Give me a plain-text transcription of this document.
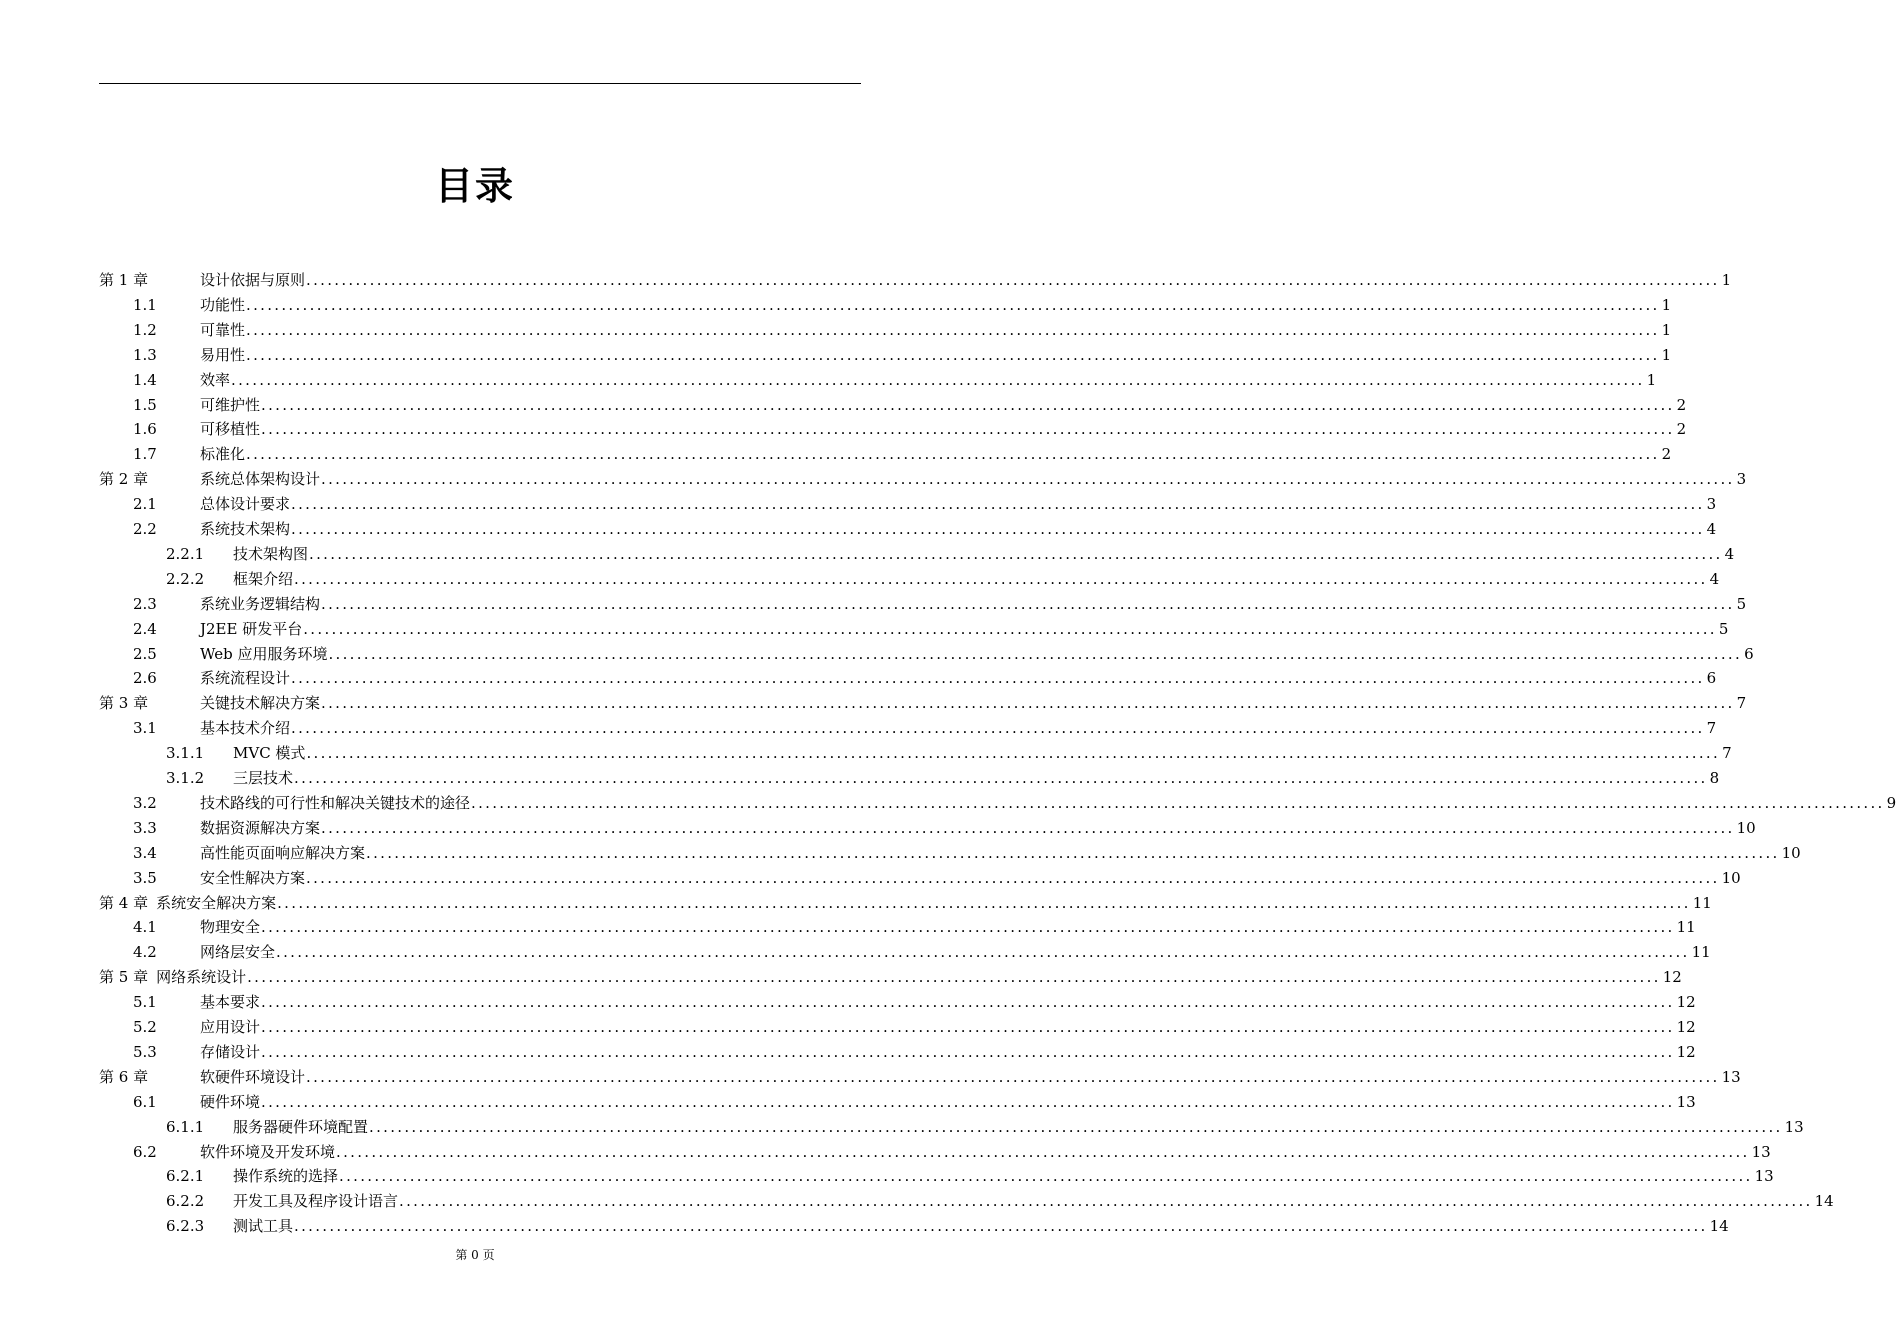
目录
第 1 章	设计依据与原则 ........................................................................................................................................................................................................ 1
1.1	功能性 ........................................................................................................................................................................................................ 1
1.2	可靠性 ........................................................................................................................................................................................................ 1
1.3	易用性 ........................................................................................................................................................................................................ 1
1.4	效率 ........................................................................................................................................................................................................ 1
1.5	可维护性 ........................................................................................................................................................................................................ 2
1.6	可移植性 ........................................................................................................................................................................................................ 2
1.7	标准化 ........................................................................................................................................................................................................ 2
第 2 章	系统总体架构设计 ........................................................................................................................................................................................................ 3
2.1	总体设计要求 ........................................................................................................................................................................................................ 3
2.2	系统技术架构 ........................................................................................................................................................................................................ 4
2.2.1	技术架构图 ........................................................................................................................................................................................................ 4
2.2.2	框架介绍 ........................................................................................................................................................................................................ 4
2.3	系统业务逻辑结构 ........................................................................................................................................................................................................ 5
2.4	J2EE 研发平台 ........................................................................................................................................................................................................ 5
2.5	Web 应用服务环境 ........................................................................................................................................................................................................ 6
2.6	系统流程设计 ........................................................................................................................................................................................................ 6
第 3 章	关键技术解决方案 ........................................................................................................................................................................................................ 7
3.1	基本技术介绍 ........................................................................................................................................................................................................ 7
3.1.1	MVC 模式 ........................................................................................................................................................................................................ 7
3.1.2	三层技术 ........................................................................................................................................................................................................ 8
3.2	技术路线的可行性和解决关键技术的途径 ........................................................................................................................................................................................................ 9
3.3	数据资源解决方案 ........................................................................................................................................................................................................ 10
3.4	高性能页面响应解决方案 ........................................................................................................................................................................................................ 10
3.5	安全性解决方案 ........................................................................................................................................................................................................ 10
第 4 章 系统安全解决方案 ........................................................................................................................................................................................................ 11
4.1	物理安全 ........................................................................................................................................................................................................ 11
4.2	网络层安全 ........................................................................................................................................................................................................ 11
第 5 章 网络系统设计 ........................................................................................................................................................................................................ 12
5.1	基本要求 ........................................................................................................................................................................................................ 12
5.2	应用设计 ........................................................................................................................................................................................................ 12
5.3	存储设计 ........................................................................................................................................................................................................ 12
第 6 章	软硬件环境设计 ........................................................................................................................................................................................................ 13
6.1	硬件环境 ........................................................................................................................................................................................................ 13
6.1.1	服务器硬件环境配置 ........................................................................................................................................................................................................ 13
6.2	软件环境及开发环境 ........................................................................................................................................................................................................ 13
6.2.1	操作系统的选择 ........................................................................................................................................................................................................ 13
6.2.2	开发工具及程序设计语言 ........................................................................................................................................................................................................ 14
6.2.3	测试工具 ........................................................................................................................................................................................................ 14
第 0 页
